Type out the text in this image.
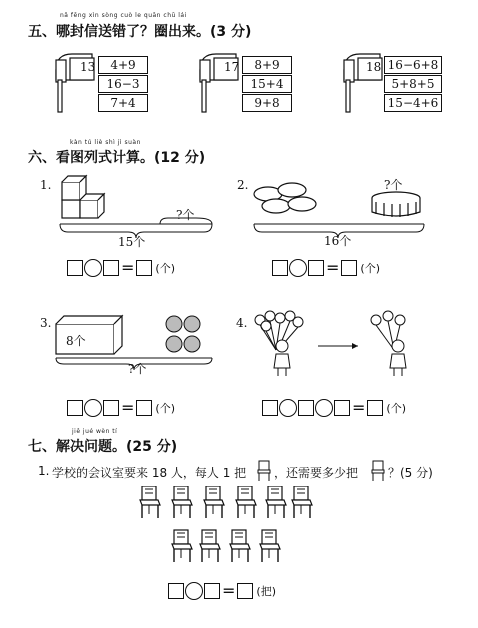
nǎ fēng xìn sòng cuò le quān chū lái
五、哪封信送错了？圈出来。(3 分)
13	4+9
16−3
7+4
17	8+9
15+4
9+8
18 16−6+8
5+8+5
15−4+6
kàn tú liè shì jì suàn
六、看图列式计算。(12 分)
1.
?个
15个
= (个)
2.	?个
16个
= (个)
3.
8个
?个
= (个)
4.
= (个)
jiě jué wèn tí
七、解决问题。(25 分)
1. 学校的会议室要来 18 人，每人 1 把 ，还需要多少把 ？(5 分)
= (把)
